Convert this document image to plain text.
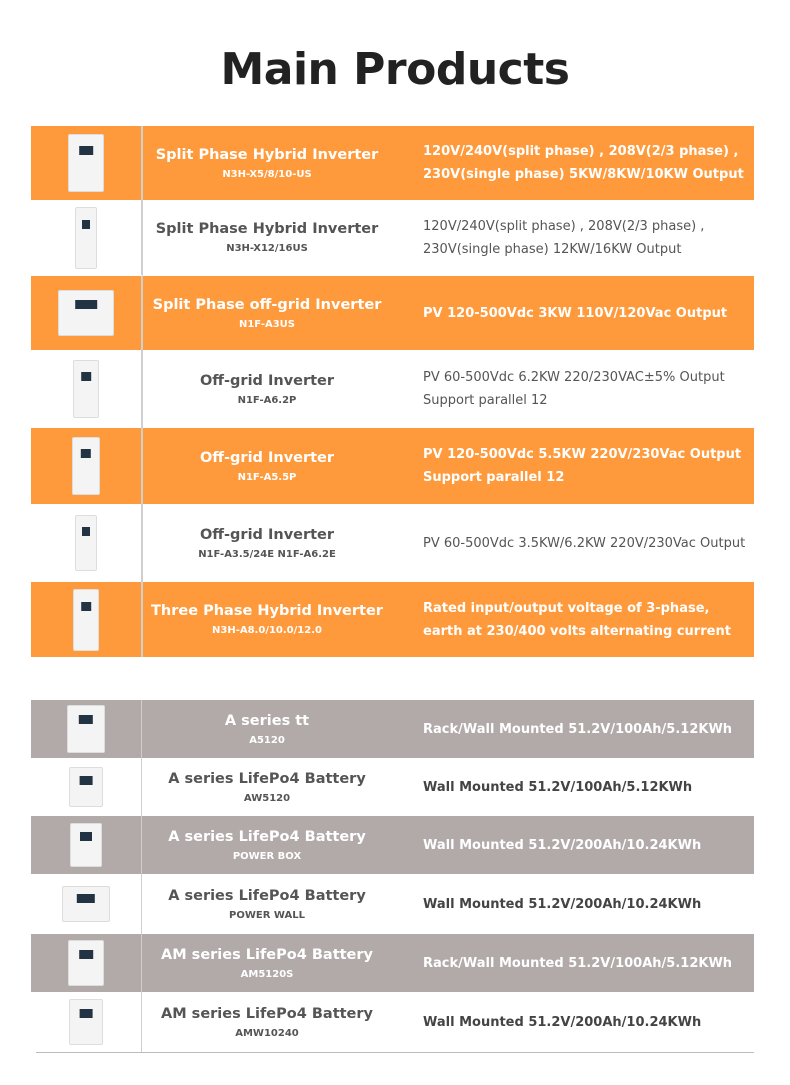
Main Products
Split Phase Hybrid Inverter
N3H-X5/8/10-US
120V/240V(split phase) , 208V(2/3 phase) ,
230V(single phase) 5KW/8KW/10KW Output
Split Phase Hybrid Inverter
N3H-X12/16US
120V/240V(split phase) , 208V(2/3 phase) ,
230V(single phase) 12KW/16KW Output
Split Phase off-grid Inverter
N1F-A3US
PV 120-500Vdc 3KW 110V/120Vac Output
Off-grid Inverter
N1F-A6.2P
PV 60-500Vdc 6.2KW 220/230VAC±5% Output
Support parallel 12
Off-grid Inverter
N1F-A5.5P
PV 120-500Vdc 5.5KW 220V/230Vac Output
Support parallel 12
Off-grid Inverter
N1F-A3.5/24E N1F-A6.2E
PV 60-500Vdc 3.5KW/6.2KW 220V/230Vac Output
Three Phase Hybrid Inverter
N3H-A8.0/10.0/12.0
Rated input/output voltage of 3-phase,
earth at 230/400 volts alternating current
A series tt
A5120
Rack/Wall Mounted 51.2V/100Ah/5.12KWh
A series LifePo4 Battery
AW5120
Wall Mounted 51.2V/100Ah/5.12KWh
A series LifePo4 Battery
POWER BOX
Wall Mounted 51.2V/200Ah/10.24KWh
A series LifePo4 Battery
POWER WALL
Wall Mounted 51.2V/200Ah/10.24KWh
AM series LifePo4 Battery
AM5120S
Rack/Wall Mounted 51.2V/100Ah/5.12KWh
AM series LifePo4 Battery
AMW10240
Wall Mounted 51.2V/200Ah/10.24KWh
